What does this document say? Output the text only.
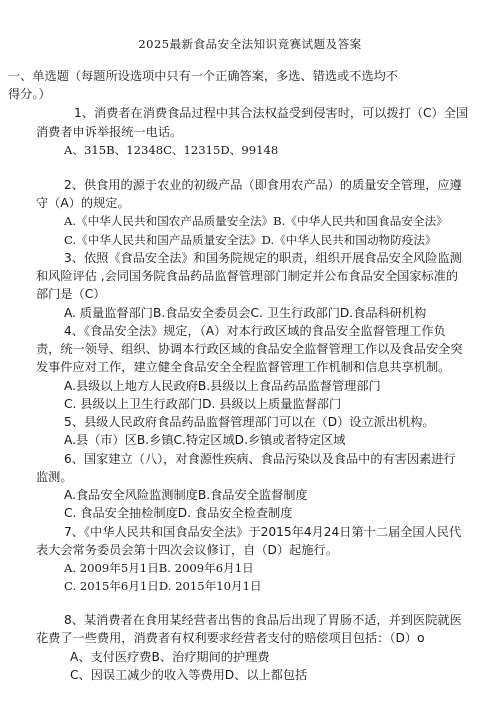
2025最新食品安全法知识竞赛试题及答案
一、单选题（每题所设选项中只有一个正确答案，多选、错选或不选均不
得分。）
1、消费者在消费食品过程中其合法权益受到侵害时，可以拨打（C）全国
消费者申诉举报统一电话。
A、315B、12348C、12315D、99148
2、供食用的源于农业的初级产品（即食用农产品）的质量安全管理，应遵
守（A）的规定。
A.《中华人民共和国农产品质量安全法》B.《中华人民共和国食品安全法》
C.《中华人民共和国产品质量安全法》D.《中华人民共和国动物防疫法》
3、依照《食品安全法》和国务院规定的职责，组织开展食品安全风险监测
和风险评估 ,会同国务院食品药品监督管理部门制定并公布食品安全国家标准的
部门是（C）
A. 质量监督部门B.食品安全委员会C. 卫生行政部门D.食品科研机构
4、《食品安全法》规定，（A）对本行政区域的食品安全监督管理工作负
责，统一领导、组织、协调本行政区域的食品安全监督管理工作以及食品安全突
发事件应对工作，建立健全食品安全全程监督管理工作机制和信息共享机制。
A.县级以上地方人民政府B.县级以上食品药品监督管理部门
C. 县级以上卫生行政部门D. 县级以上质量监督部门
5、县级人民政府食品药品监督管理部门可以在（D）设立派出机构。
A.县（市）区B.乡镇C.特定区域D.乡镇或者特定区域
6、国家建立（八），对食源性疾病、食品污染以及食品中的有害因素进行
监测。
A.食品安全风险监测制度B.食品安全监督制度
C. 食品安全抽检制度D. 食品安全检查制度
7、《中华人民共和国食品安全法》于2015年4月24日第十二届全国人民代
表大会常务委员会第十四次会议修订，自（D）起施行。
A. 2009年5月1日B. 2009年6月1日
C. 2015年6月1日D. 2015年10月1日
8、某消费者在食用某经营者出售的食品后出现了胃肠不适，并到医院就医
花费了一些费用，消费者有权利要求经营者支付的赔偿项目包括：（D）o
A、支付医疗费B、治疗期间的护理费
C、因误工减少的收入等费用D、以上都包括
